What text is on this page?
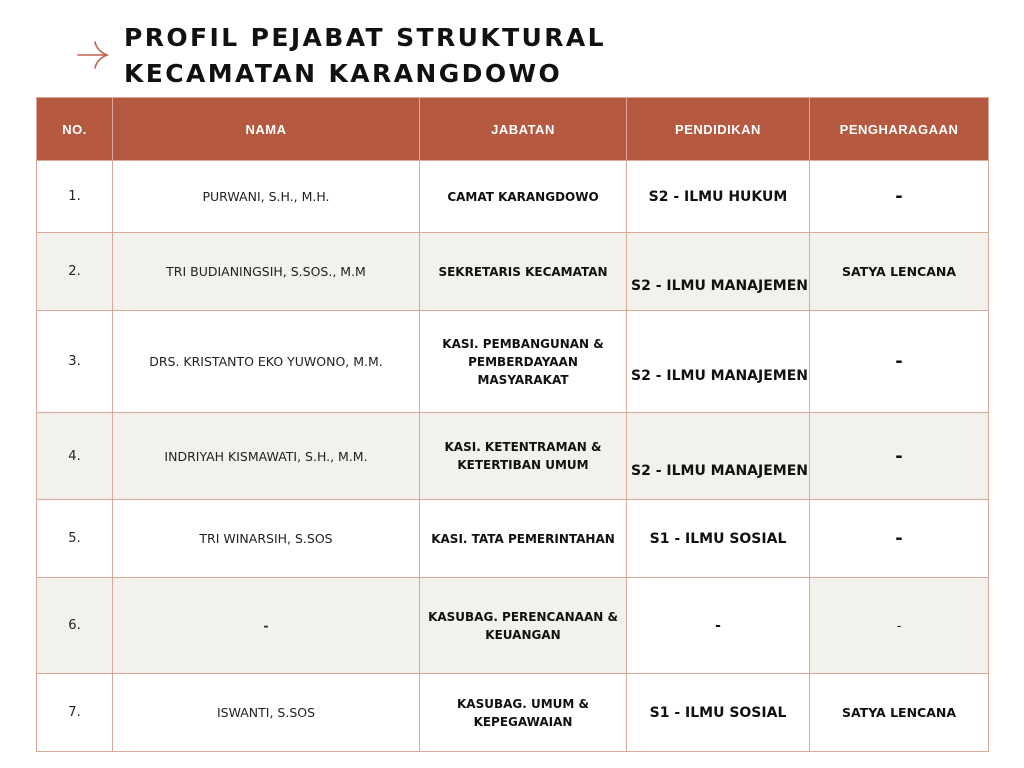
PROFIL PEJABAT STRUKTURAL
KECAMATAN KARANGDOWO
NO.	NAMA	JABATAN	PENDIDIKAN	PENGHARAGAAN
1.	PURWANI, S.H., M.H.	CAMAT KARANGDOWO	S2 - ILMU HUKUM	-
2.	TRI BUDIANINGSIH, S.SOS., M.M	SEKRETARIS KECAMATAN	S2 - ILMU MANAJEMEN	SATYA LENCANA
3.	DRS. KRISTANTO EKO YUWONO, M.M.	KASI. PEMBANGUNAN & PEMBERDAYAAN MASYARAKAT	S2 - ILMU MANAJEMEN	-
4.	INDRIYAH KISMAWATI, S.H., M.M.	KASI. KETENTRAMAN & KETERTIBAN UMUM	S2 - ILMU MANAJEMEN	-
5.	TRI WINARSIH, S.SOS	KASI. TATA PEMERINTAHAN	S1 - ILMU SOSIAL	-
6.	-	KASUBAG. PERENCANAAN & KEUANGAN	-	-
7.	ISWANTI, S.SOS	KASUBAG. UMUM & KEPEGAWAIAN	S1 - ILMU SOSIAL	SATYA LENCANA
